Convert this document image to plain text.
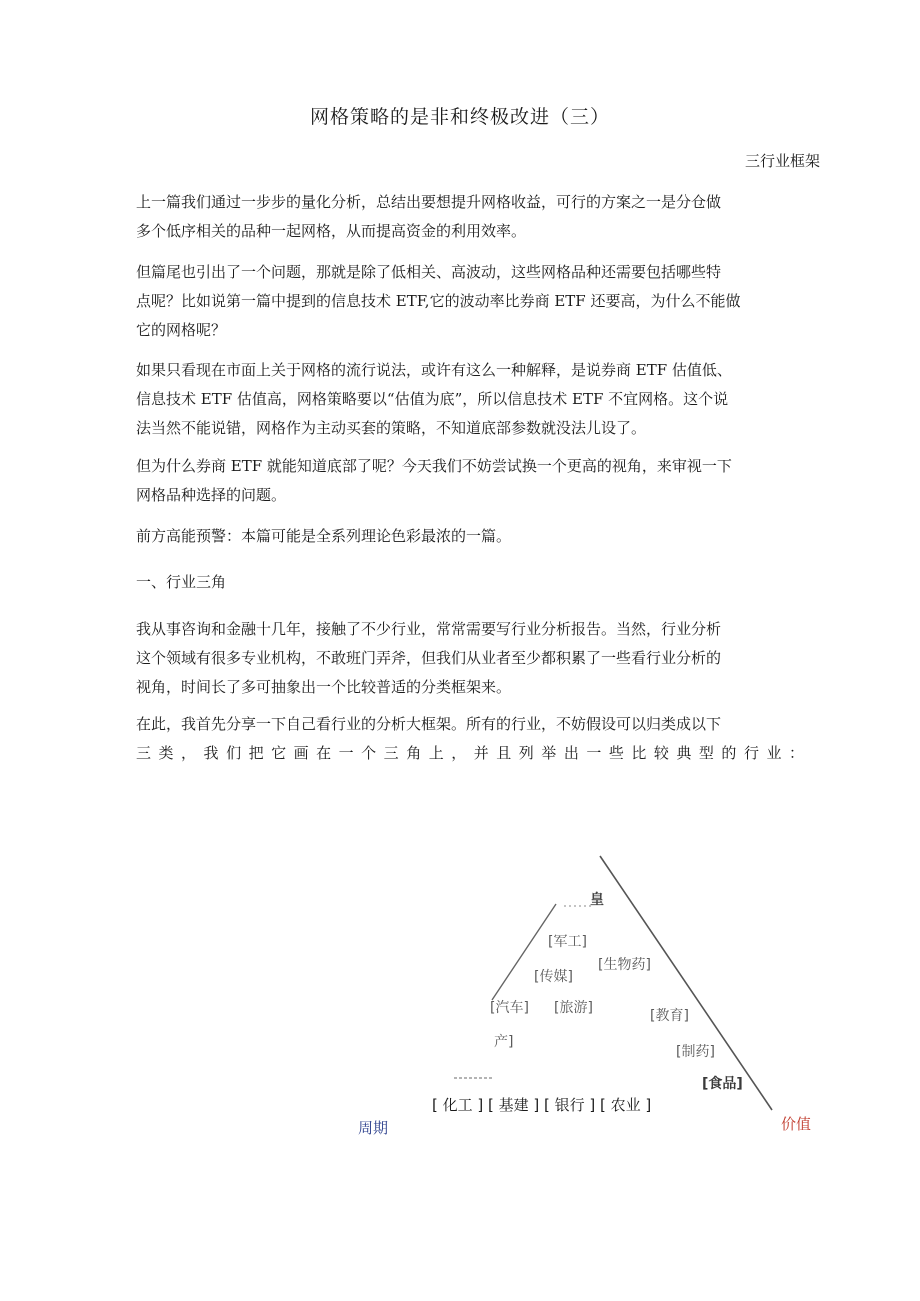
网格策略的是非和终极改进（三）
三行业框架
上一篇我们通过一步步的量化分析，总结出要想提升网格收益，可行的方案之一是分仓做
多个低序相关的品种一起网格，从而提高资金的利用效率。
但篇尾也引出了一个问题，那就是除了低相关、高波动，这些网格品种还需要包括哪些特
点呢？比如说第一篇中提到的信息技术 ETF,它的波动率比券商 ETF 还要高，为什么不能做
它的网格呢？
如果只看现在市面上关于网格的流行说法，或许有这么一种解释，是说券商 ETF 估值低、
信息技术 ETF 估值高，网格策略要以“估值为底”，所以信息技术 ETF 不宜网格。这个说
法当然不能说错，网格作为主动买套的策略，不知道底部参数就没法儿设了。
但为什么券商 ETF 就能知道底部了呢？今天我们不妨尝试换一个更高的视角，来审视一下
网格品种选择的问题。
前方高能预警：本篇可能是全系列理论色彩最浓的一篇。
一、行业三角
我从事咨询和金融十几年，接触了不少行业，常常需要写行业分析报告。当然，行业分析
这个领域有很多专业机构，不敢班门弄斧，但我们从业者至少都积累了一些看行业分析的
视角，时间长了多可抽象出一个比较普适的分类框架来。
在此，我首先分享一下自己看行业的分析大框架。所有的行业，不妨假设可以归类成以下
三类，我们把它画在一个三角上，并且列举出一些比较典型的行业：
皇
[军工]
[传媒]
[生物药]
[汽车] [旅游]	[教育]
产]
[制药]
[食品]
[ 化工 ] [ 基建 ] [ 银行 ] [ 农业 ]
周期	价值
